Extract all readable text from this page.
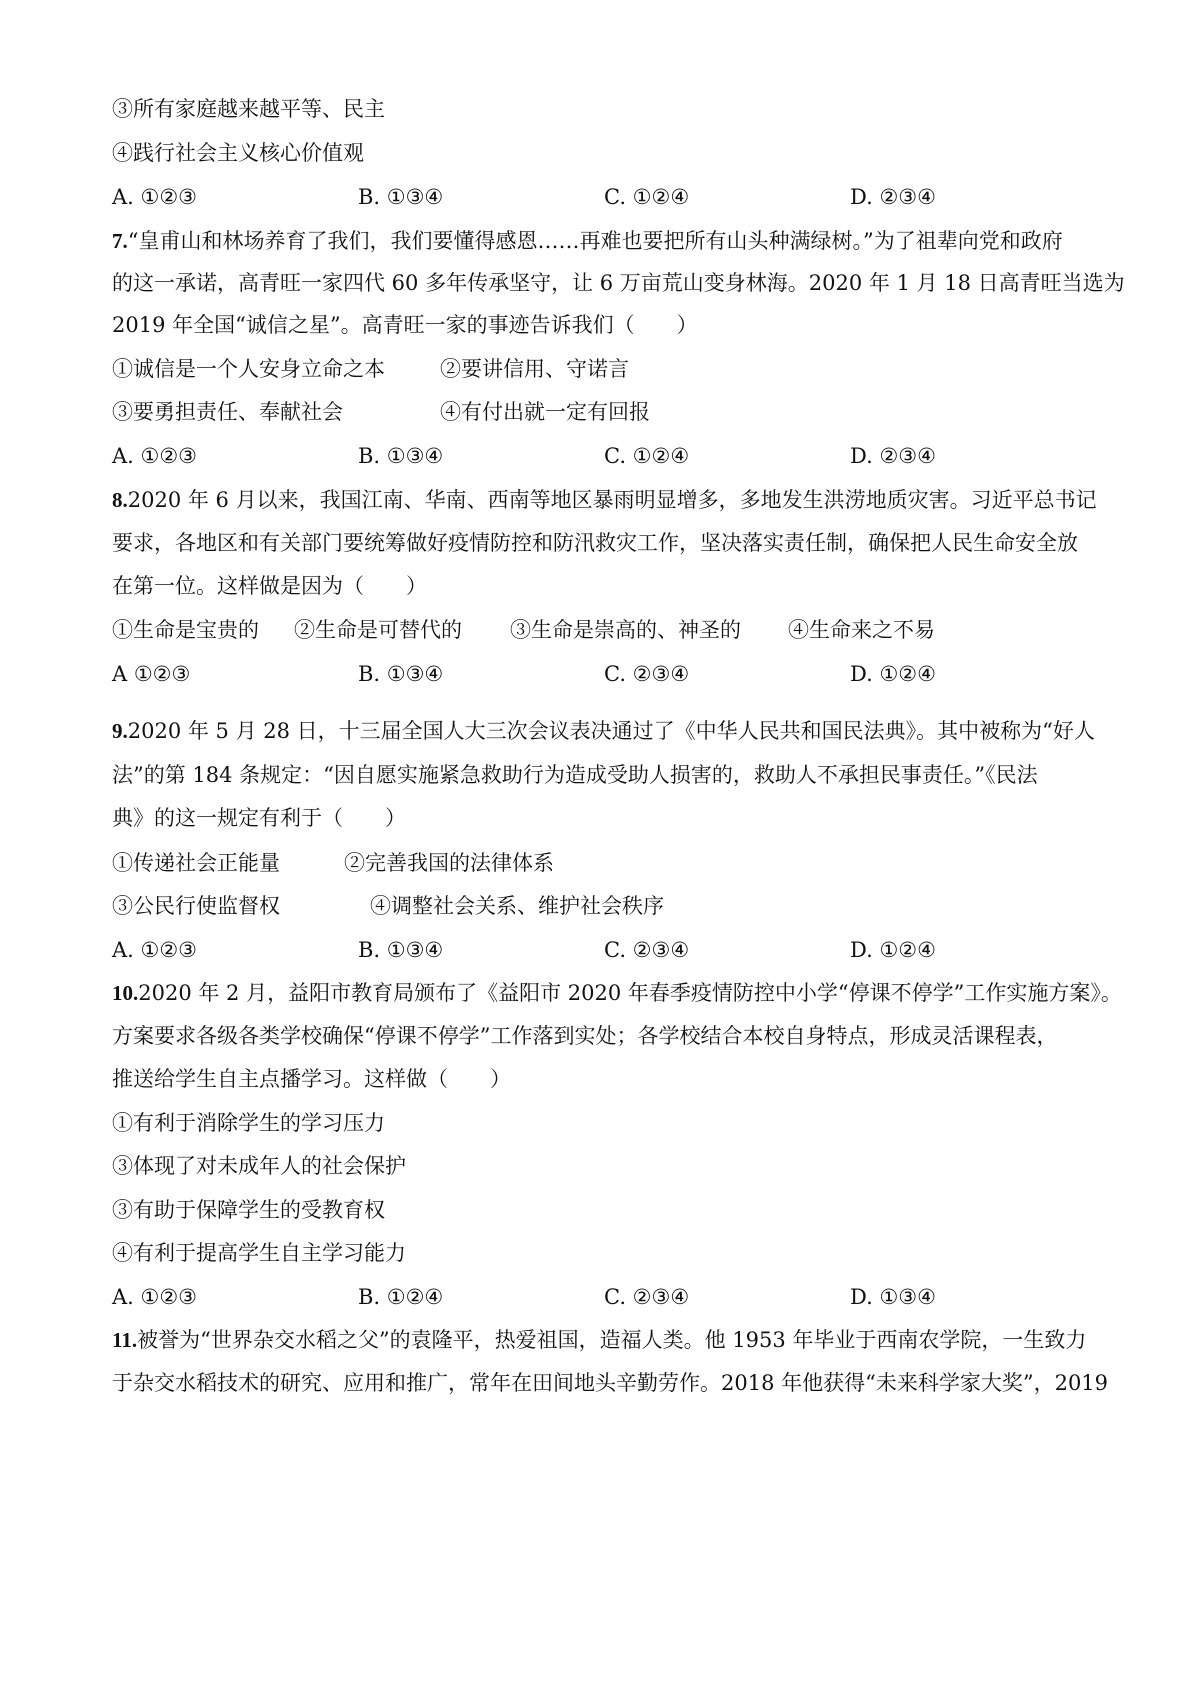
③所有家庭越来越平等、民主
④践行社会主义核心价值观
A. ①②③	B. ①③④	C. ①②④	D. ②③④
7.“皇甫山和林场养育了我们，我们要懂得感恩……再难也要把所有山头种满绿树。”为了祖辈向党和政府
的这一承诺，高青旺一家四代 60 多年传承坚守，让 6 万亩荒山变身林海。2020 年 1 月 18 日高青旺当选为
2019 年全国“诚信之星”。高青旺一家的事迹告诉我们（　　）
①诚信是一个人安身立命之本	②要讲信用、守诺言
③要勇担责任、奉献社会	④有付出就一定有回报
A. ①②③	B. ①③④	C. ①②④	D. ②③④
8.2020 年 6 月以来，我国江南、华南、西南等地区暴雨明显增多，多地发生洪涝地质灾害。习近平总书记
要求，各地区和有关部门要统筹做好疫情防控和防汛救灾工作，坚决落实责任制，确保把人民生命安全放
在第一位。这样做是因为（　　）
①生命是宝贵的 ②生命是可替代的 ③生命是崇高的、神圣的 ④生命来之不易
A ①②③	B. ①③④	C. ②③④	D. ①②④
9.2020 年 5 月 28 日，十三届全国人大三次会议表决通过了《中华人民共和国民法典》。其中被称为“好人
法”的第 184 条规定：“因自愿实施紧急救助行为造成受助人损害的，救助人不承担民事责任。”《民法
典》的这一规定有利于（　　）
①传递社会正能量	②完善我国的法律体系
③公民行使监督权	④调整社会关系、维护社会秩序
A. ①②③	B. ①③④	C. ②③④	D. ①②④
10.2020 年 2 月，益阳市教育局颁布了《益阳市 2020 年春季疫情防控中小学“停课不停学”工作实施方案》。
方案要求各级各类学校确保“停课不停学”工作落到实处；各学校结合本校自身特点，形成灵活课程表，
推送给学生自主点播学习。这样做（　　）
①有利于消除学生的学习压力
③体现了对未成年人的社会保护
③有助于保障学生的受教育权
④有利于提高学生自主学习能力
A. ①②③	B. ①②④	C. ②③④	D. ①③④
11.被誉为“世界杂交水稻之父”的袁隆平，热爱祖国，造福人类。他 1953 年毕业于西南农学院，一生致力
于杂交水稻技术的研究、应用和推广，常年在田间地头辛勤劳作。2018 年他获得“未来科学家大奖”，2019
